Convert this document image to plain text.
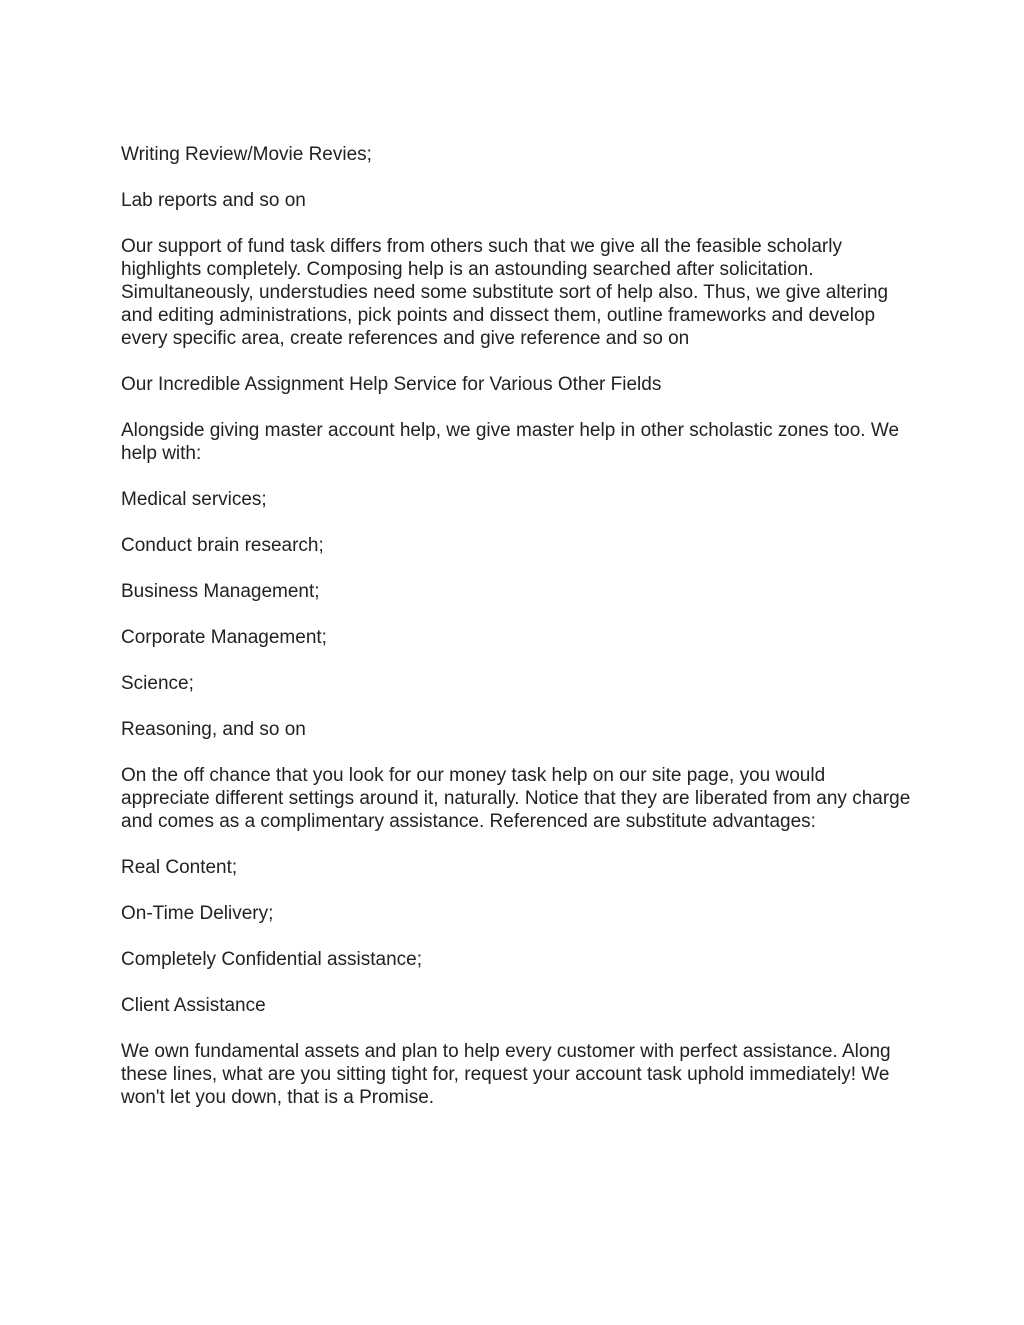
Writing Review/Movie Revies;

Lab reports and so on

Our support of fund task differs from others such that we give all the feasible scholarly highlights completely. Composing help is an astounding searched after solicitation. Simultaneously, understudies need some substitute sort of help also. Thus, we give altering and editing administrations, pick points and dissect them, outline frameworks and develop every specific area, create references and give reference and so on

Our Incredible Assignment Help Service for Various Other Fields

Alongside giving master account help, we give master help in other scholastic zones too. We help with:

Medical services;

Conduct brain research;

Business Management;

Corporate Management;

Science;

Reasoning, and so on

On the off chance that you look for our money task help on our site page, you would appreciate different settings around it, naturally. Notice that they are liberated from any charge and comes as a complimentary assistance. Referenced are substitute advantages:

Real Content;

On-Time Delivery;

Completely Confidential assistance;

Client Assistance

We own fundamental assets and plan to help every customer with perfect assistance. Along these lines, what are you sitting tight for, request your account task uphold immediately! We won't let you down, that is a Promise.
